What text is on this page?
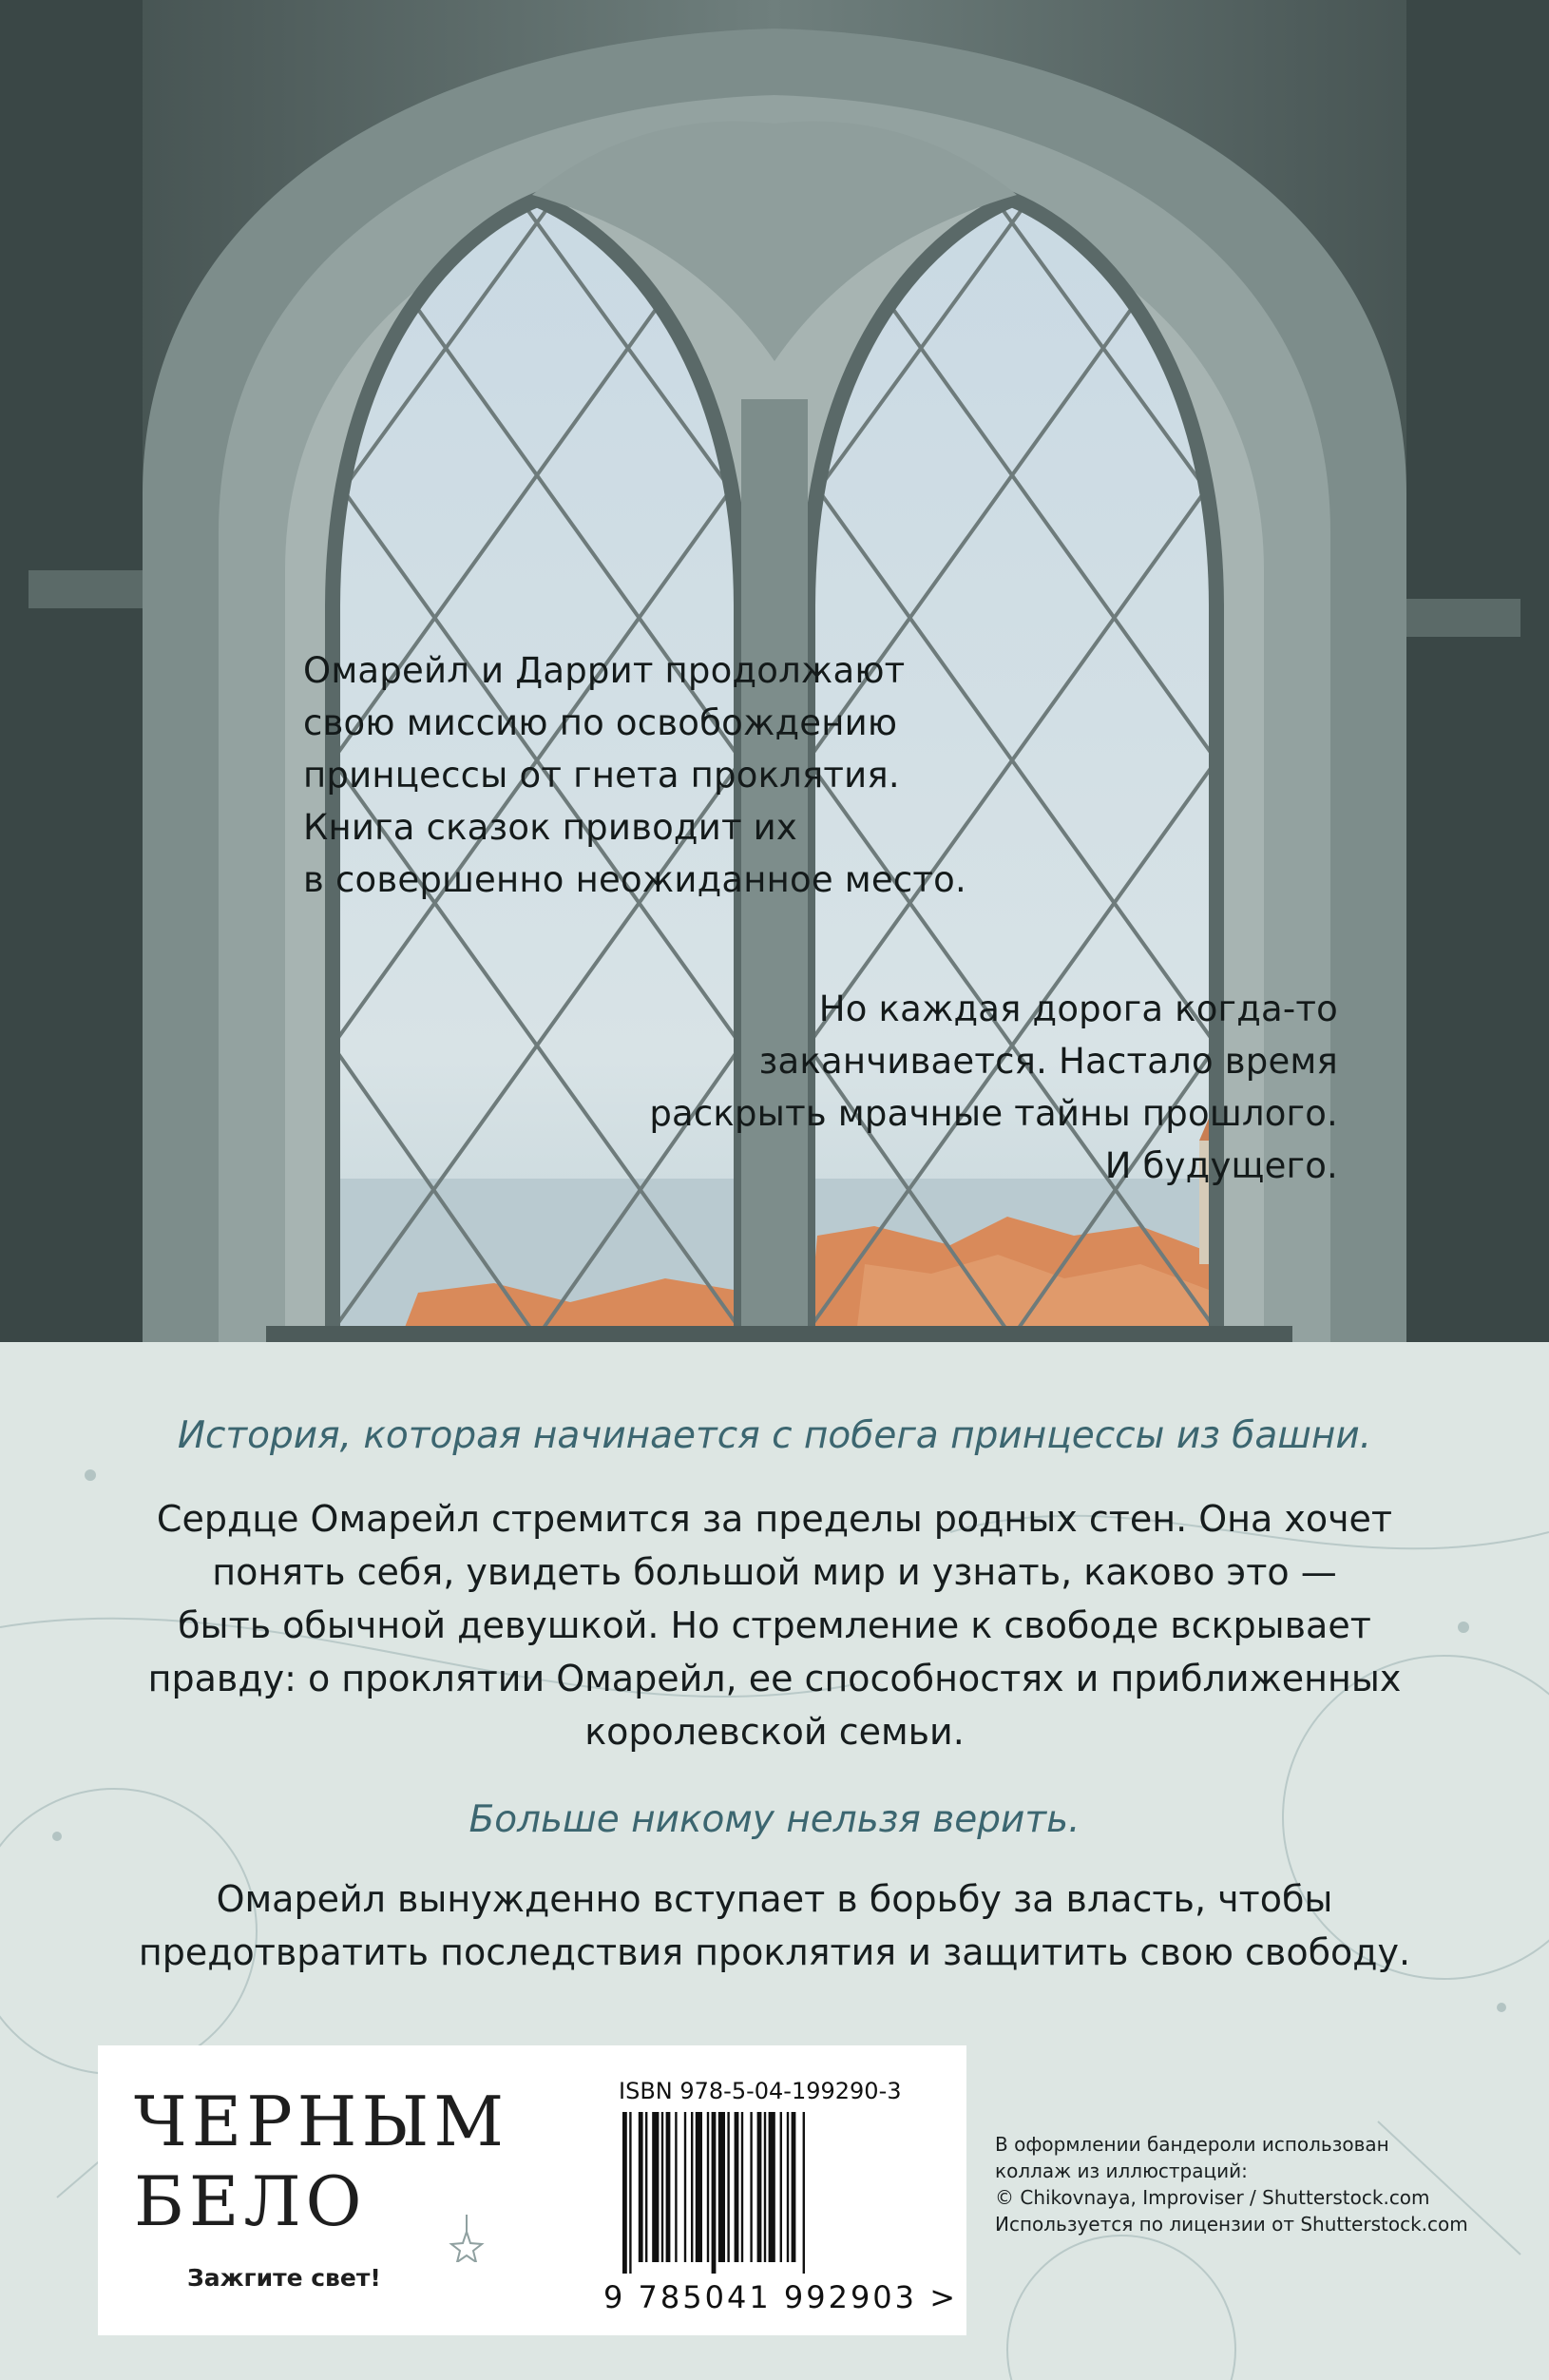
Омарейл и Даррит продолжают
свою миссию по освобождению
принцессы от гнета проклятия.
Книга сказок приводит их
в совершенно неожиданное место.
Но каждая дорога когда-то
заканчивается. Настало время
раскрыть мрачные тайны прошлого.
И будущего.
История, которая начинается с побега принцессы из башни.
Сердце Омарейл стремится за пределы родных стен. Она хочет
понять себя, увидеть большой мир и узнать, каково это —
быть обычной девушкой. Но стремление к свободе вскрывает
правду: о проклятии Омарейл, ее способностях и приближенных
королевской семьи.
Больше никому нельзя верить.
Омарейл вынужденно вступает в борьбу за власть, чтобы
предотвратить последствия проклятия и защитить свою свободу.
ЧЕРНЫМ
БЕЛО
Зажгите свет!
ISBN 978-5-04-199290-3
9 785041 992903 >
В оформлении бандероли использован
коллаж из иллюстраций:
© Chikovnaya, Improviser / Shutterstock.com
Используется по лицензии от Shutterstock.com
